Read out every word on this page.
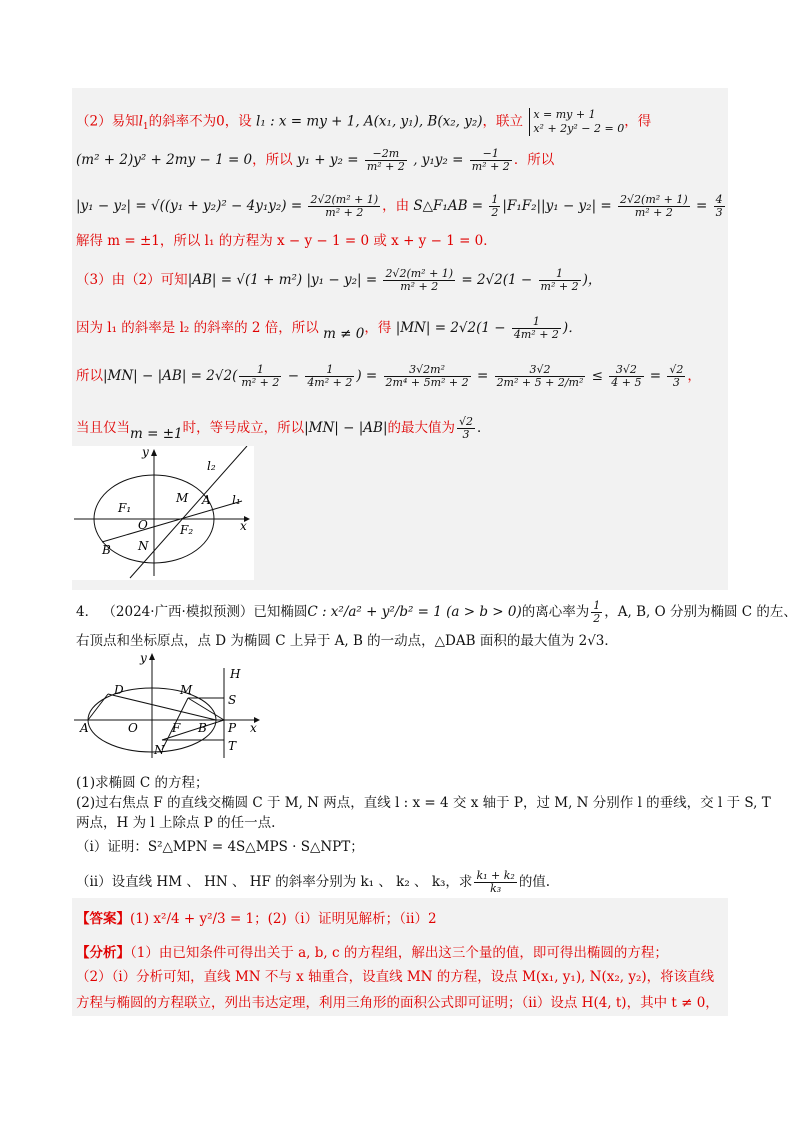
（2）易知$l_1$的斜率不为0，设 l₁ : x = my + 1, A(x₁, y₁), B(x₂, y₂)，联立 x = my + 1
x² + 2y² − 2 = 0 ，得
(m² + 2)y² + 2my − 1 = 0，所以 $y_1 + y_2 = \frac{-2m}{\text{m² + 2}}$ , $y_1y_2 = \frac{-1}{\text{m² + 2}}$ ．所以
$|y_1 - y_2| = √((y_1 + y_2)^2 - 4y_1y_2) = \frac{\text{2√2(m² + 1)}}{\text{m² + 2}}$ ，由 S△F₁AB = $\frac{1}{2} |F_1F_2||y_1 - y_2| = \frac{\text{2√2(m² + 1)}}{\text{m² + 2}} = \frac{4}{3}$
解得 m = ±1，所以 l₁ 的方程为 x − y − 1 = 0 或 x + y − 1 = 0．
（3）由（2）可知|AB| = √(1 + m²) $|y_1 - y_2| = \frac{\text{2√2(m² + 1)}}{\text{m² + 2}} = 2√2(1 - \frac{1}{\text{m² + 2}}$ )，
因为 l₁ 的斜率是 l₂ 的斜率的 2 倍，所以 m ≠ 0，得 $|MN| = 2√2(1 - \frac{1}{\text{4m² + 2}}$ )．
所以$|MN| - |AB| = 2√2( \frac{1}{\text{m² + 2}} - \frac{1}{\text{4m² + 2}}$ ) = $\frac{\text{3√2m²}}{\text{2m⁴ + 5m² + 2}} = \frac{3√2}{\text{2m² + 5 + 2/m²}} \le \frac{3√2}{4 + 5} = \frac{√2}{3}$ ，
当且仅当m = ±1时，等号成立，所以|MN| − |AB|的最大值为 $\frac{√2}{3}$ ．
y
x
l₂
l₁
M A
F₁
O	F₂
B N
4． （2024·广西·模拟预测）已知椭圆C : x²/a² + y²/b² = 1 (a > b > 0)的离心率为 $\frac{1}{2}$ ，A, B, O 分别为椭圆 C 的左、
右顶点和坐标原点，点 D 为椭圆 C 上异于 A, B 的一动点，△DAB 面积的最大值为 2√3．
y
x
H
D	M
S
A	O	F B P
N	T
(1)求椭圆 C 的方程；
(2)过右焦点 F 的直线交椭圆 C 于 M, N 两点，直线 l : x = 4 交 x 轴于 P，过 M, N 分别作 l 的垂线，交 l 于 S, T
两点，H 为 l 上除点 P 的任一点.
（ⅰ）证明：S²△MPN = 4S△MPS · S△NPT；
（ⅱ）设直线 HM 、 HN 、 HF 的斜率分别为 k₁ 、 k₂ 、 k₃，求 $\frac{\text{k₁ + k₂}}{\text{k₃}}$ 的值.
【答案】(1) x²/4 + y²/3 = 1；(2)（ⅰ）证明见解析；（ⅱ）2
【分析】（1）由已知条件可得出关于 a, b, c 的方程组，解出这三个量的值，即可得出椭圆的方程；
（2）（ⅰ）分析可知，直线 MN 不与 x 轴重合，设直线 MN 的方程，设点 M(x₁, y₁), N(x₂, y₂)，将该直线
方程与椭圆的方程联立，列出韦达定理，利用三角形的面积公式即可证明；（ⅱ）设点 H(4, t)，其中 t ≠ 0，
